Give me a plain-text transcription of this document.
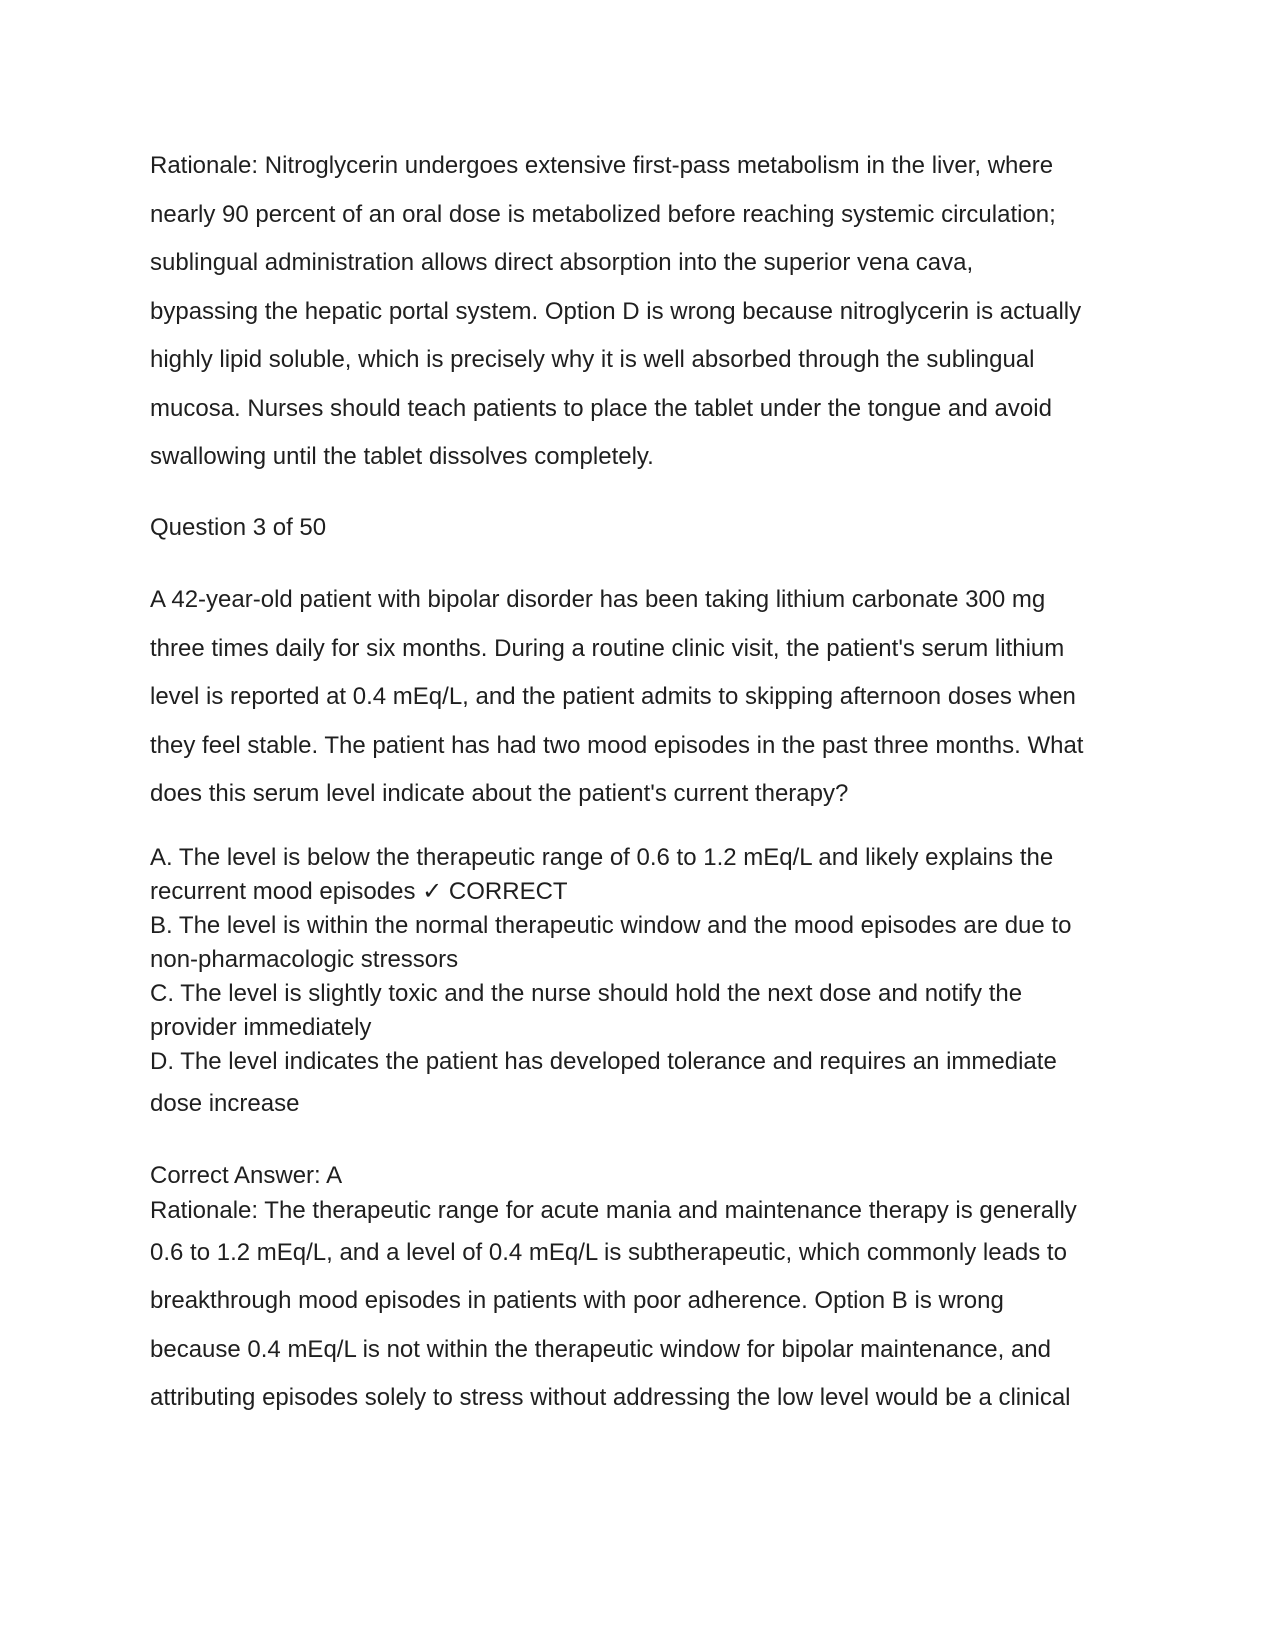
Rationale: Nitroglycerin undergoes extensive first-pass metabolism in the liver, where
nearly 90 percent of an oral dose is metabolized before reaching systemic circulation;
sublingual administration allows direct absorption into the superior vena cava,
bypassing the hepatic portal system. Option D is wrong because nitroglycerin is actually
highly lipid soluble, which is precisely why it is well absorbed through the sublingual
mucosa. Nurses should teach patients to place the tablet under the tongue and avoid
swallowing until the tablet dissolves completely.
Question 3 of 50
A 42-year-old patient with bipolar disorder has been taking lithium carbonate 300 mg
three times daily for six months. During a routine clinic visit, the patient's serum lithium
level is reported at 0.4 mEq/L, and the patient admits to skipping afternoon doses when
they feel stable. The patient has had two mood episodes in the past three months. What
does this serum level indicate about the patient's current therapy?
A. The level is below the therapeutic range of 0.6 to 1.2 mEq/L and likely explains the
recurrent mood episodes ✓ CORRECT
B. The level is within the normal therapeutic window and the mood episodes are due to
non-pharmacologic stressors
C. The level is slightly toxic and the nurse should hold the next dose and notify the
provider immediately
D. The level indicates the patient has developed tolerance and requires an immediate
dose increase
Correct Answer: A
Rationale: The therapeutic range for acute mania and maintenance therapy is generally
0.6 to 1.2 mEq/L, and a level of 0.4 mEq/L is subtherapeutic, which commonly leads to
breakthrough mood episodes in patients with poor adherence. Option B is wrong
because 0.4 mEq/L is not within the therapeutic window for bipolar maintenance, and
attributing episodes solely to stress without addressing the low level would be a clinical
